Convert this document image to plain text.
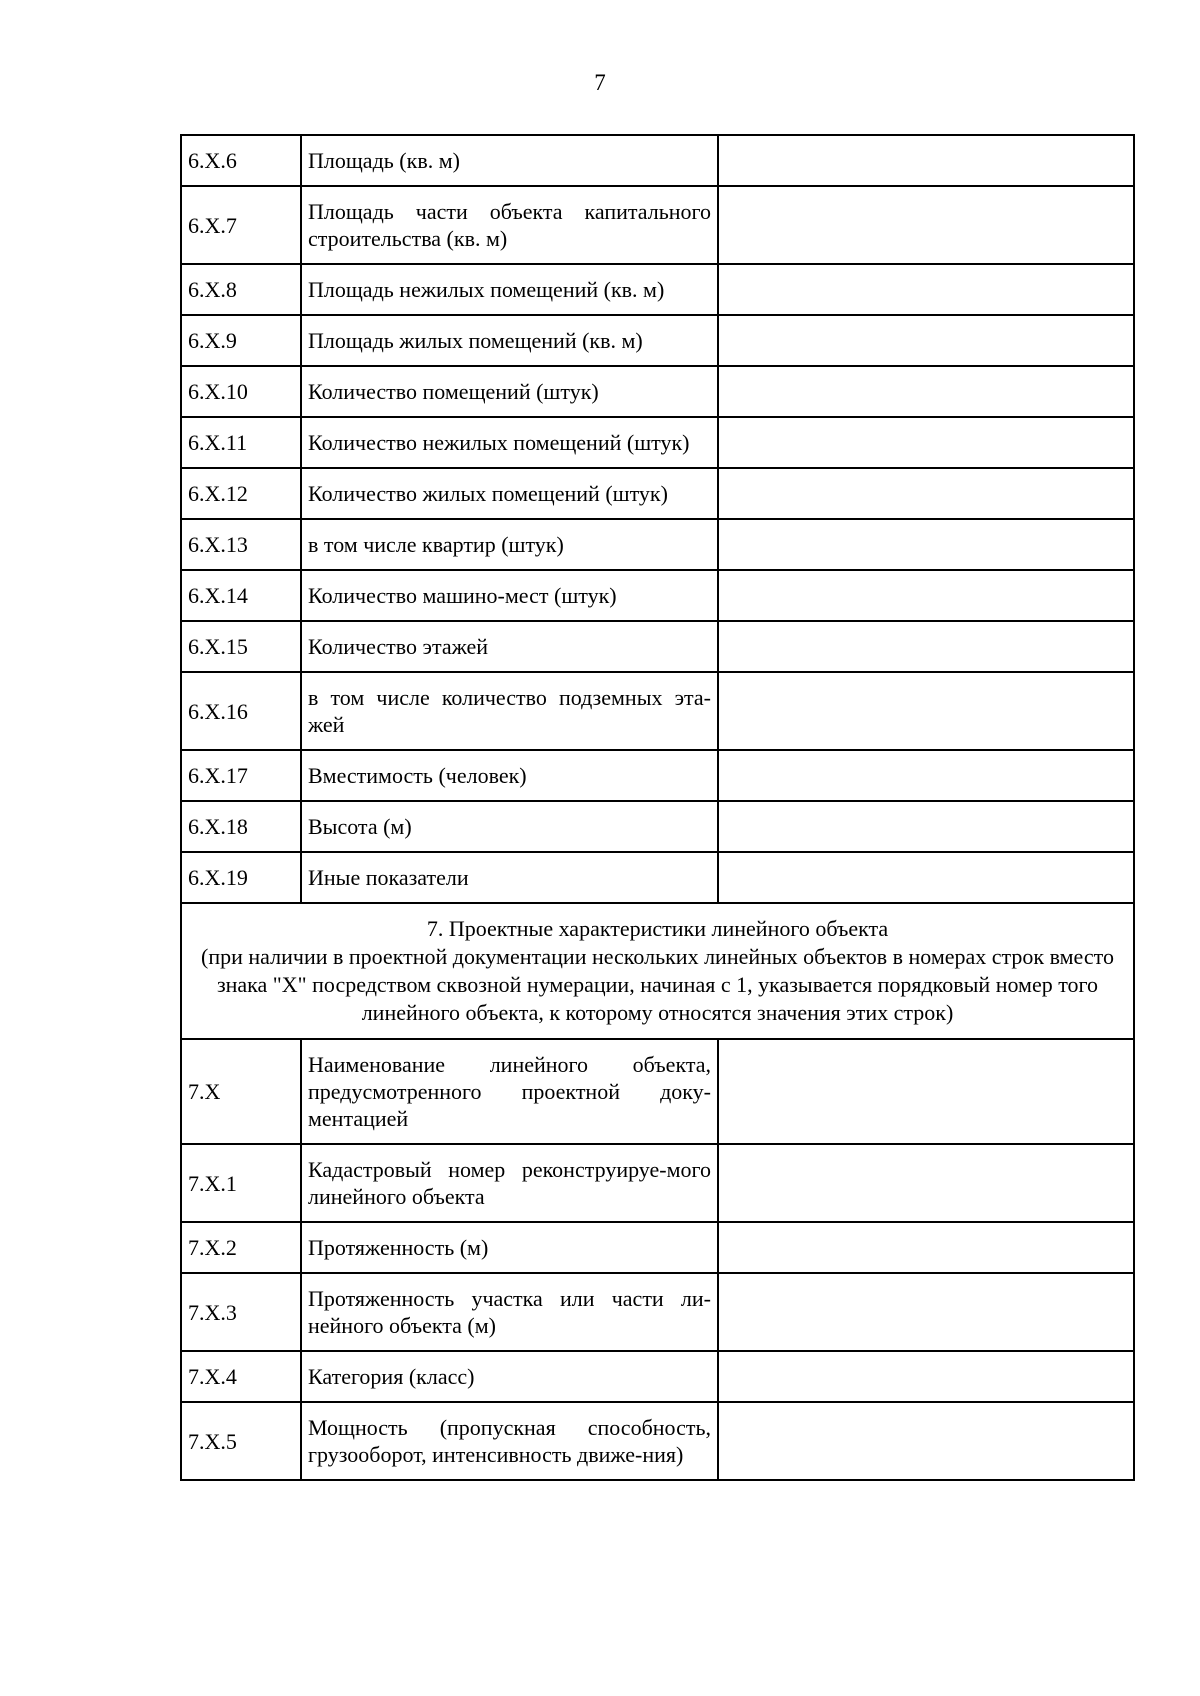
7
6.X.6	Площадь (кв. м)	
6.X.7	Площадь части объекта капитального строительства (кв. м)	
6.X.8	Площадь нежилых помещений (кв. м)	
6.X.9	Площадь жилых помещений (кв. м)	
6.X.10	Количество помещений (штук)	
6.X.11	Количество нежилых помещений (штук)	
6.X.12	Количество жилых помещений (штук)	
6.X.13	в том числе квартир (штук)	
6.X.14	Количество машино-мест (штук)	
6.X.15	Количество этажей	
6.X.16	в том числе количество подземных эта-жей	
6.X.17	Вместимость (человек)	
6.X.18	Высота (м)	
6.X.19	Иные показатели	

7. Проектные характеристики линейного объекта
(при наличии в проектной документации нескольких линейных объектов в номерах строк вместо знака "X" посредством сквозной нумерации, начиная с 1, указывается порядковый номер того линейного объекта, к которому относятся значения этих строк)		

7.X	Наименование линейного объекта, предусмотренного проектной доку-ментацией	
7.X.1	Кадастровый номер реконструируе-мого линейного объекта	
7.X.2	Протяженность (м)	
7.X.3	Протяженность участка или части ли-нейного объекта (м)	
7.X.4	Категория (класс)	
7.X.5	Мощность (пропускная способность, грузооборот, интенсивность движе-ния)	
